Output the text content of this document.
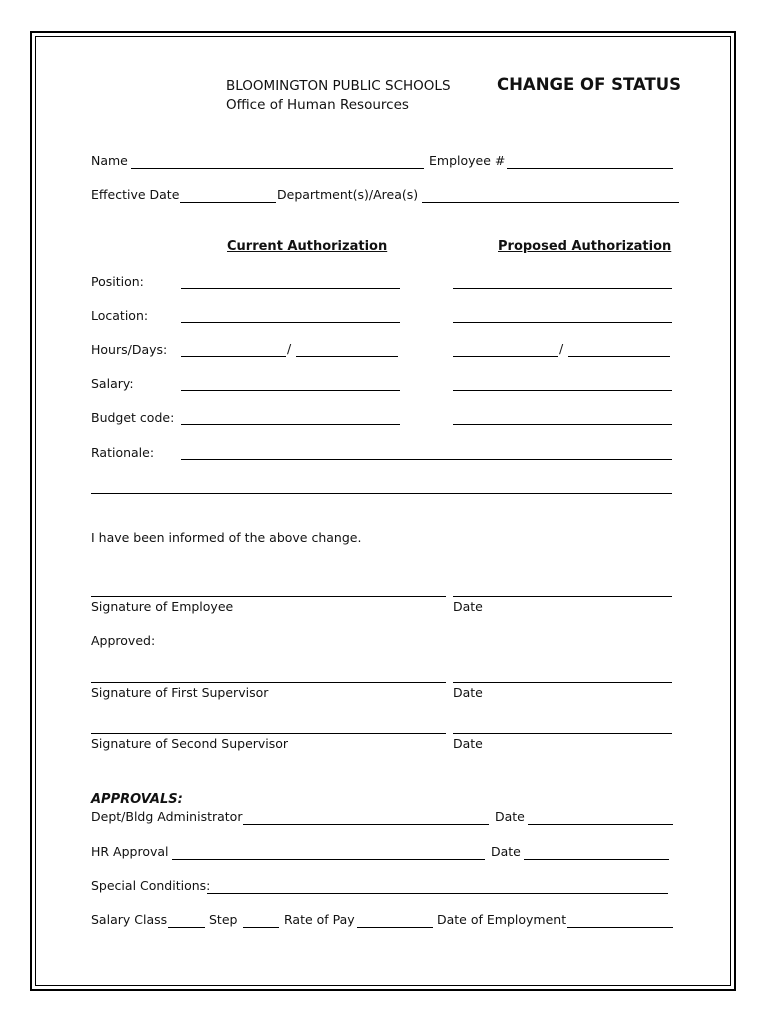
BLOOMINGTON PUBLIC SCHOOLS
Office of Human Resources
CHANGE OF STATUS
Name	Employee #
Effective Date	Department(s)/Area(s)
Current Authorization	Proposed Authorization
Position:
Location:
Hours/Days:	/	/
Salary:
Budget code:
Rationale:
I have been informed of the above change.
Signature of Employee	Date
Approved:
Signature of First Supervisor	Date
Signature of Second Supervisor	Date
APPROVALS:
Dept/Bldg Administrator	Date
HR Approval	Date
Special Conditions:
Salary Class	Step	Rate of Pay	Date of Employment
